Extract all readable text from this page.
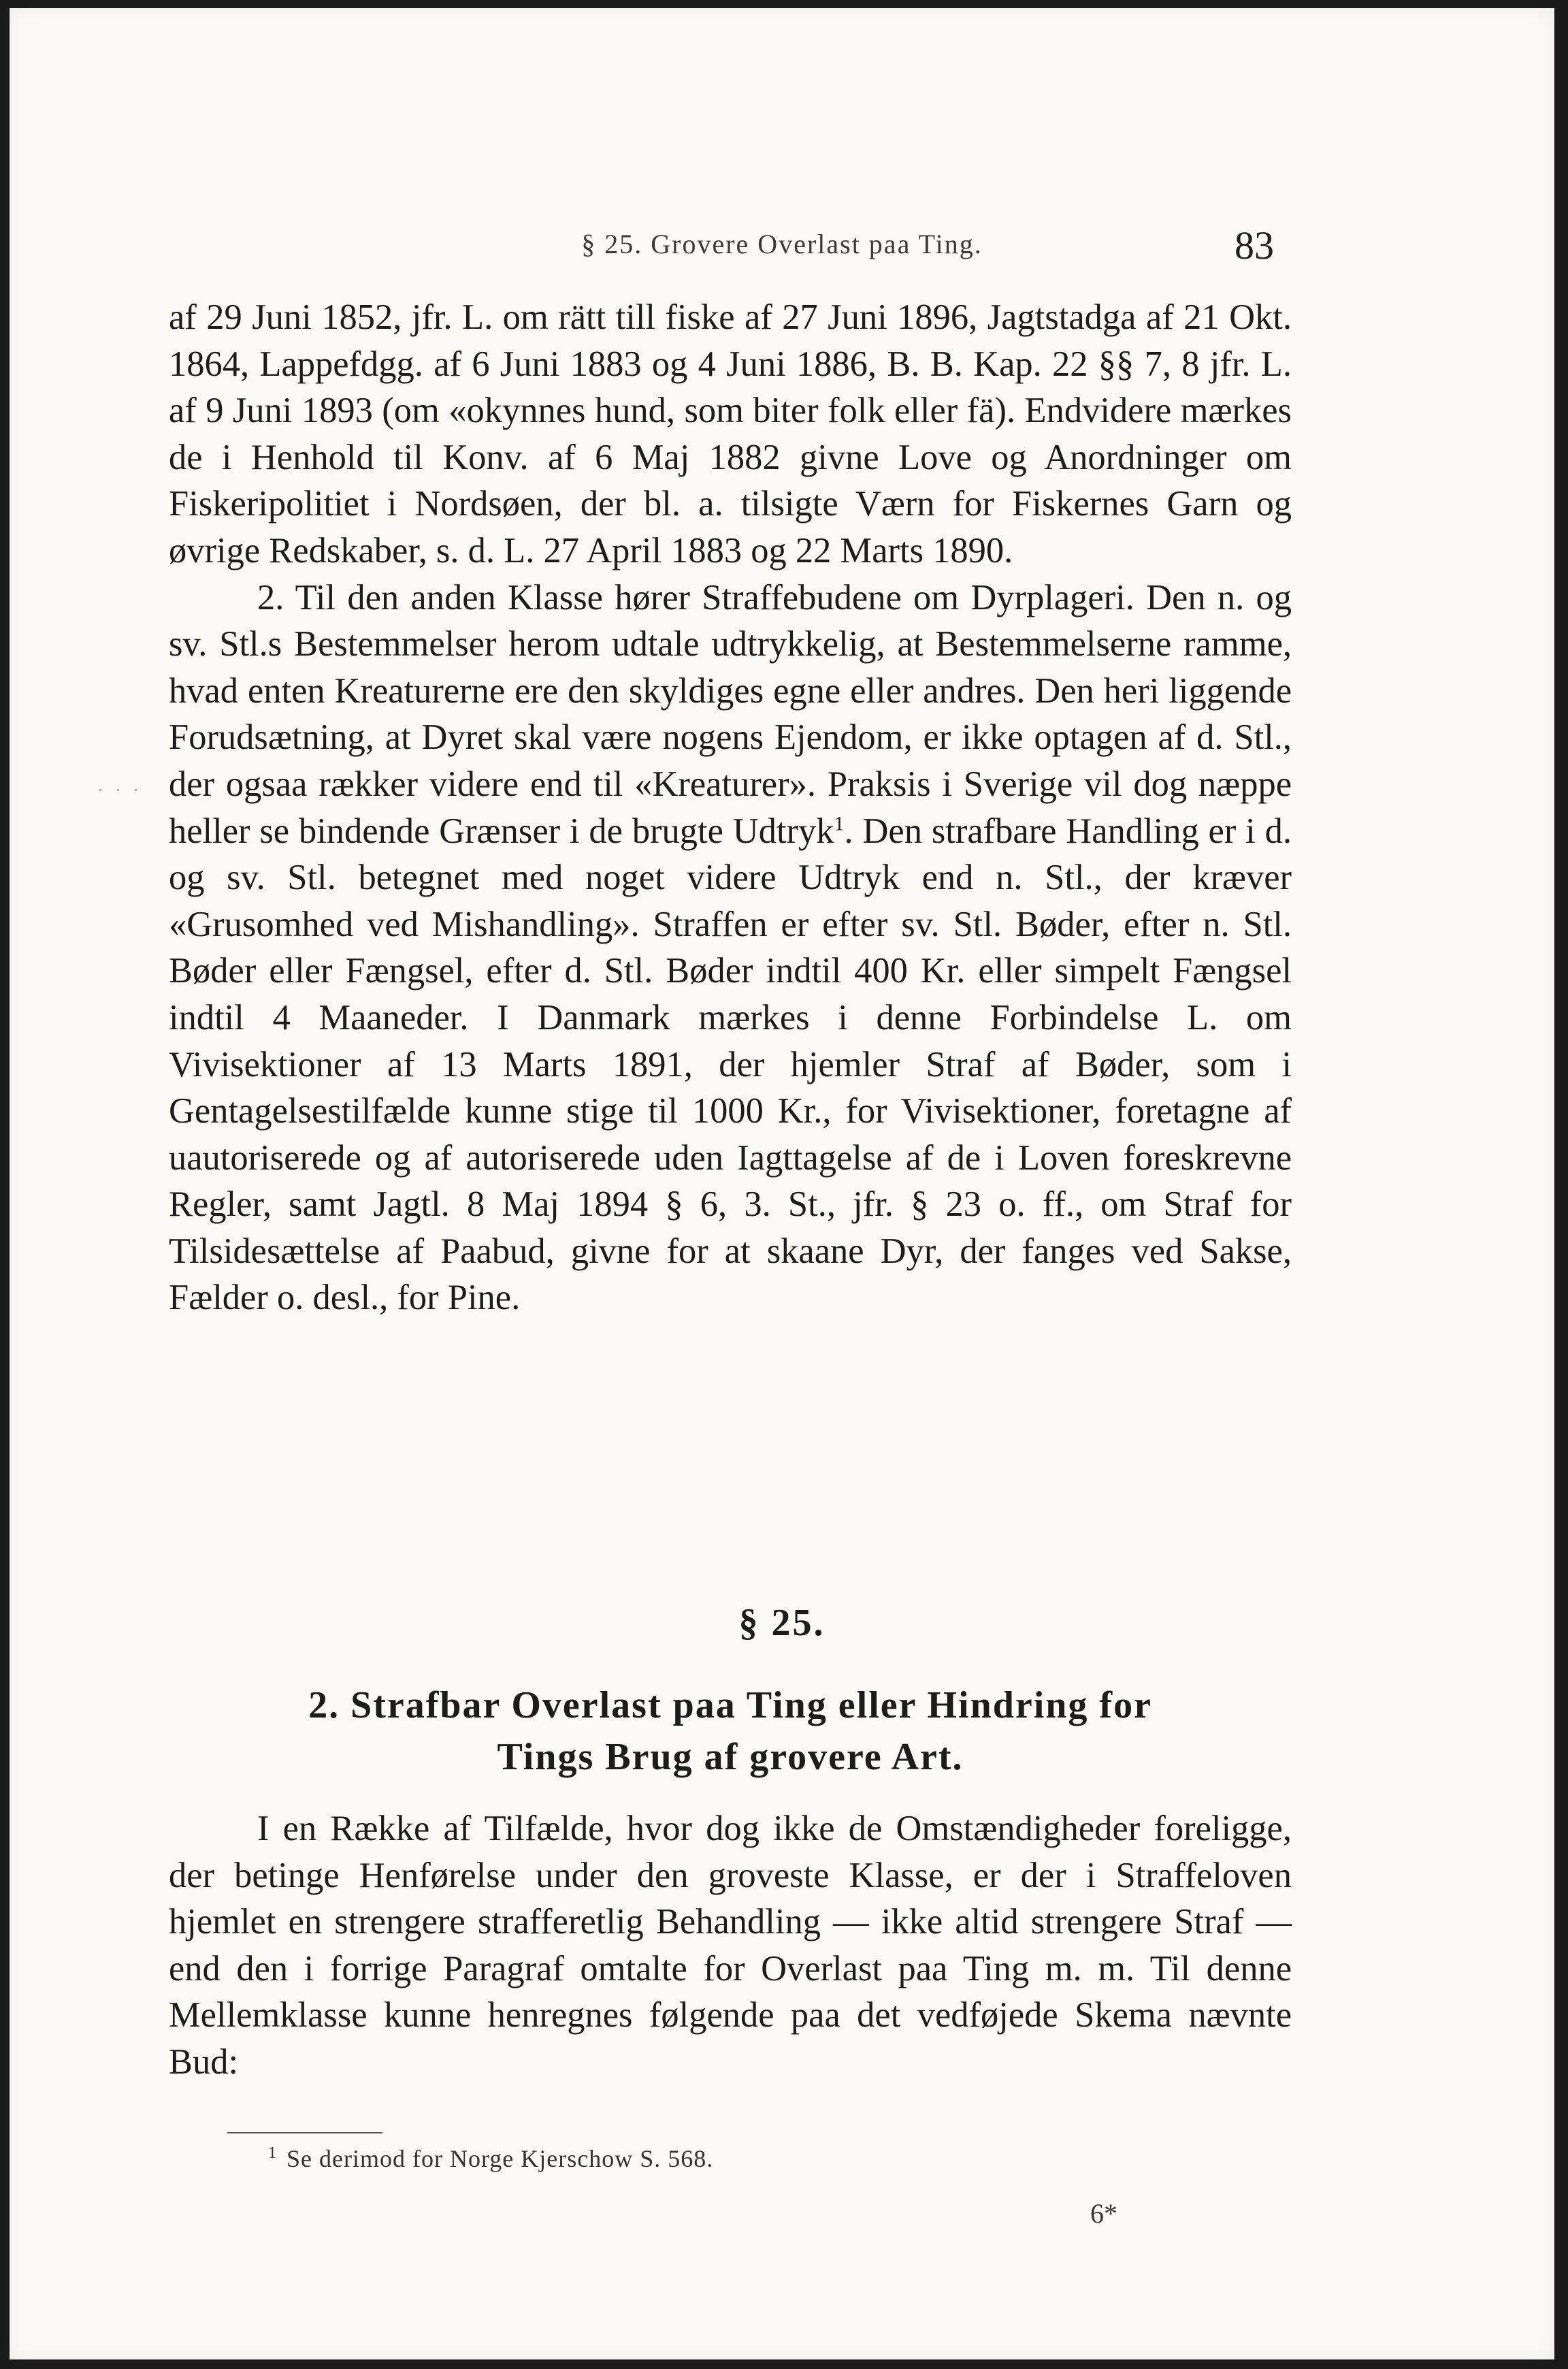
§ 25. Grovere Overlast paa Ting.	83

af 29 Juni 1852, jfr. L. om rätt till fiske af 27 Juni 1896, Jagtstadga af 21 Okt. 1864, Lappefdgg. af 6 Juni 1883 og 4 Juni 1886, B. B. Kap. 22 §§ 7, 8 jfr. L. af 9 Juni 1893 (om «okynnes hund, som biter folk eller fä). Endvidere mærkes de i Henhold til Konv. af 6 Maj 1882 givne Love og Anordninger om Fiskeripolitiet i Nordsøen, der bl. a. tilsigte Værn for Fiskernes Garn og øvrige Redskaber, s. d. L. 27 April 1883 og 22 Marts 1890.

2. Til den anden Klasse hører Straffebudene om Dyrplageri. Den n. og sv. Stl.s Bestemmelser herom udtale udtrykkelig, at Bestemmelserne ramme, hvad enten Kreaturerne ere den skyldiges egne eller andres. Den heri liggende Forudsætning, at Dyret skal være nogens Ejendom, er ikke optagen af d. Stl., der ogsaa rækker videre end til «Kreaturer». Praksis i Sverige vil dog næppe heller se bindende Grænser i de brugte Udtryk$^1$. Den strafbare Handling er i d. og sv. Stl. betegnet med noget videre Udtryk end n. Stl., der kræver «Grusomhed ved Mishandling». Straffen er efter sv. Stl. Bøder, efter n. Stl. Bøder eller Fængsel, efter d. Stl. Bøder indtil 400 Kr. eller simpelt Fængsel indtil 4 Maaneder. I Danmark mærkes i denne Forbindelse L. om Vivisektioner af 13 Marts 1891, der hjemler Straf af Bøder, som i Gentagelsestilfælde kunne stige til 1000 Kr., for Vivisektioner, foretagne af uautoriserede og af autoriserede uden Iagttagelse af de i Loven foreskrevne Regler, samt Jagtl. 8 Maj 1894 § 6, 3. St., jfr. § 23 o. ff., om Straf for Tilsidesættelse af Paabud, givne for at skaane Dyr, der fanges ved Sakse, Fælder o. desl., for Pine.

. . .
§ 25.
2. Strafbar Overlast paa Ting eller Hindring for
Tings Brug af grovere Art.

I en Række af Tilfælde, hvor dog ikke de Omstændigheder foreligge, der betinge Henførelse under den groveste Klasse, er der i Straffeloven hjemlet en strengere strafferetlig Behandling — ikke altid strengere Straf — end den i forrige Paragraf omtalte for Overlast paa Ting m. m. Til denne Mellemklasse kunne henregnes følgende paa det vedføjede Skema nævnte Bud:

$^1$ Se derimod for Norge Kjerschow S. 568.
6*
